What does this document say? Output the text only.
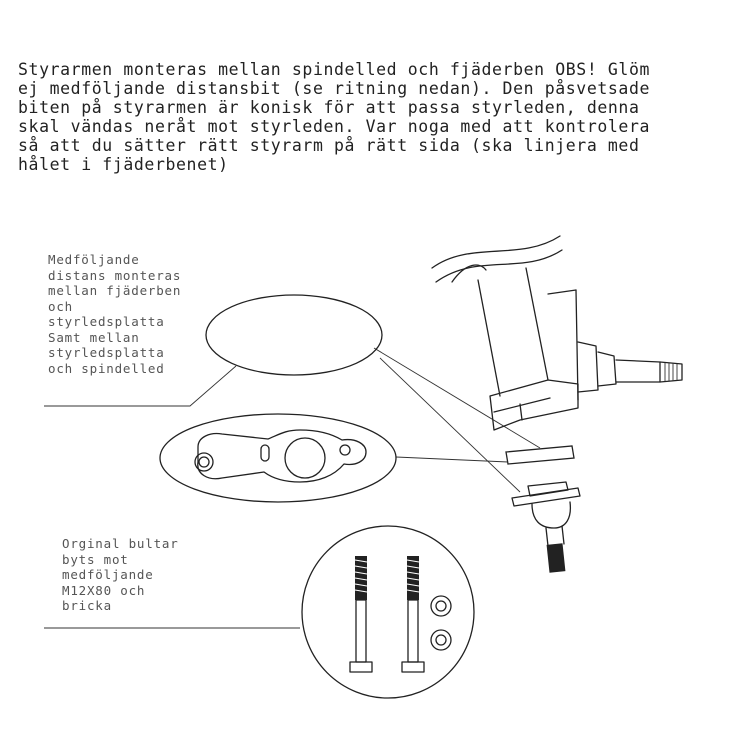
Styrarmen monteras mellan spindelled och fjäderben OBS! Glöm
ej medföljande distansbit (se ritning nedan). Den påsvetsade
biten på styrarmen är konisk för att passa styrleden, denna
skal vändas neråt mot styrleden. Var noga med att kontrolera
så att du sätter rätt styrarm på rätt sida (ska linjera med
hålet i fjäderbenet)
Medföljande
distans monteras
mellan fjäderben
och
styrledsplatta
Samt mellan
styrledsplatta
och spindelled
Orginal bultar
byts mot
medföljande
M12X80 och
bricka
